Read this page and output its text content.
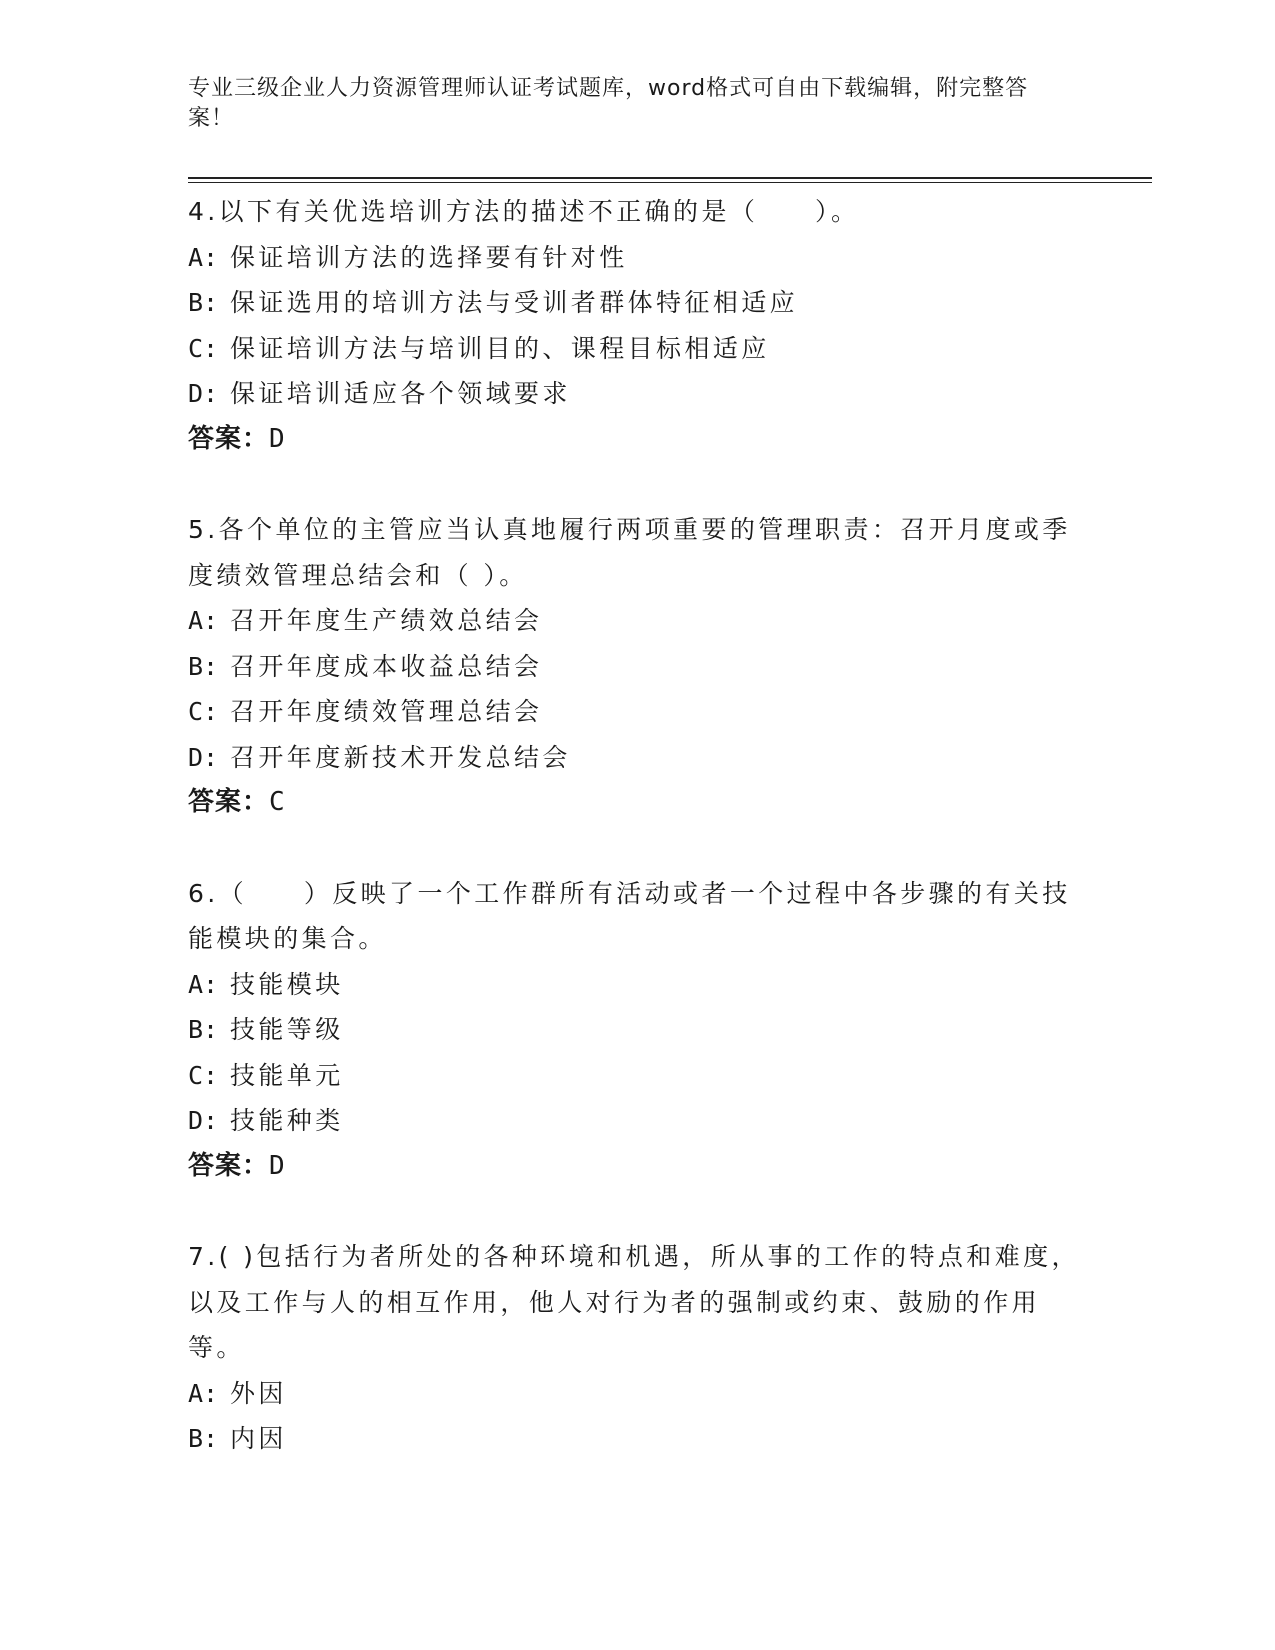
专业三级企业人力资源管理师认证考试题库，word格式可自由下载编辑，附完整答案！
4.以下有关优选培训方法的描述不正确的是（　　）。
A: 保证培训方法的选择要有针对性
B: 保证选用的培训方法与受训者群体特征相适应
C: 保证培训方法与培训目的、课程目标相适应
D: 保证培训适应各个领域要求
答案：D
5.各个单位的主管应当认真地履行两项重要的管理职责：召开月度或季度绩效管理总结会和（ ）。
A: 召开年度生产绩效总结会
B: 召开年度成本收益总结会
C: 召开年度绩效管理总结会
D: 召开年度新技术开发总结会
答案：C
6.（　　）反映了一个工作群所有活动或者一个过程中各步骤的有关技能模块的集合。
A: 技能模块
B: 技能等级
C: 技能单元
D: 技能种类
答案：D
7.( )包括行为者所处的各种环境和机遇，所从事的工作的特点和难度，以及工作与人的相互作用，他人对行为者的强制或约束、鼓励的作用等。
A: 外因
B: 内因
